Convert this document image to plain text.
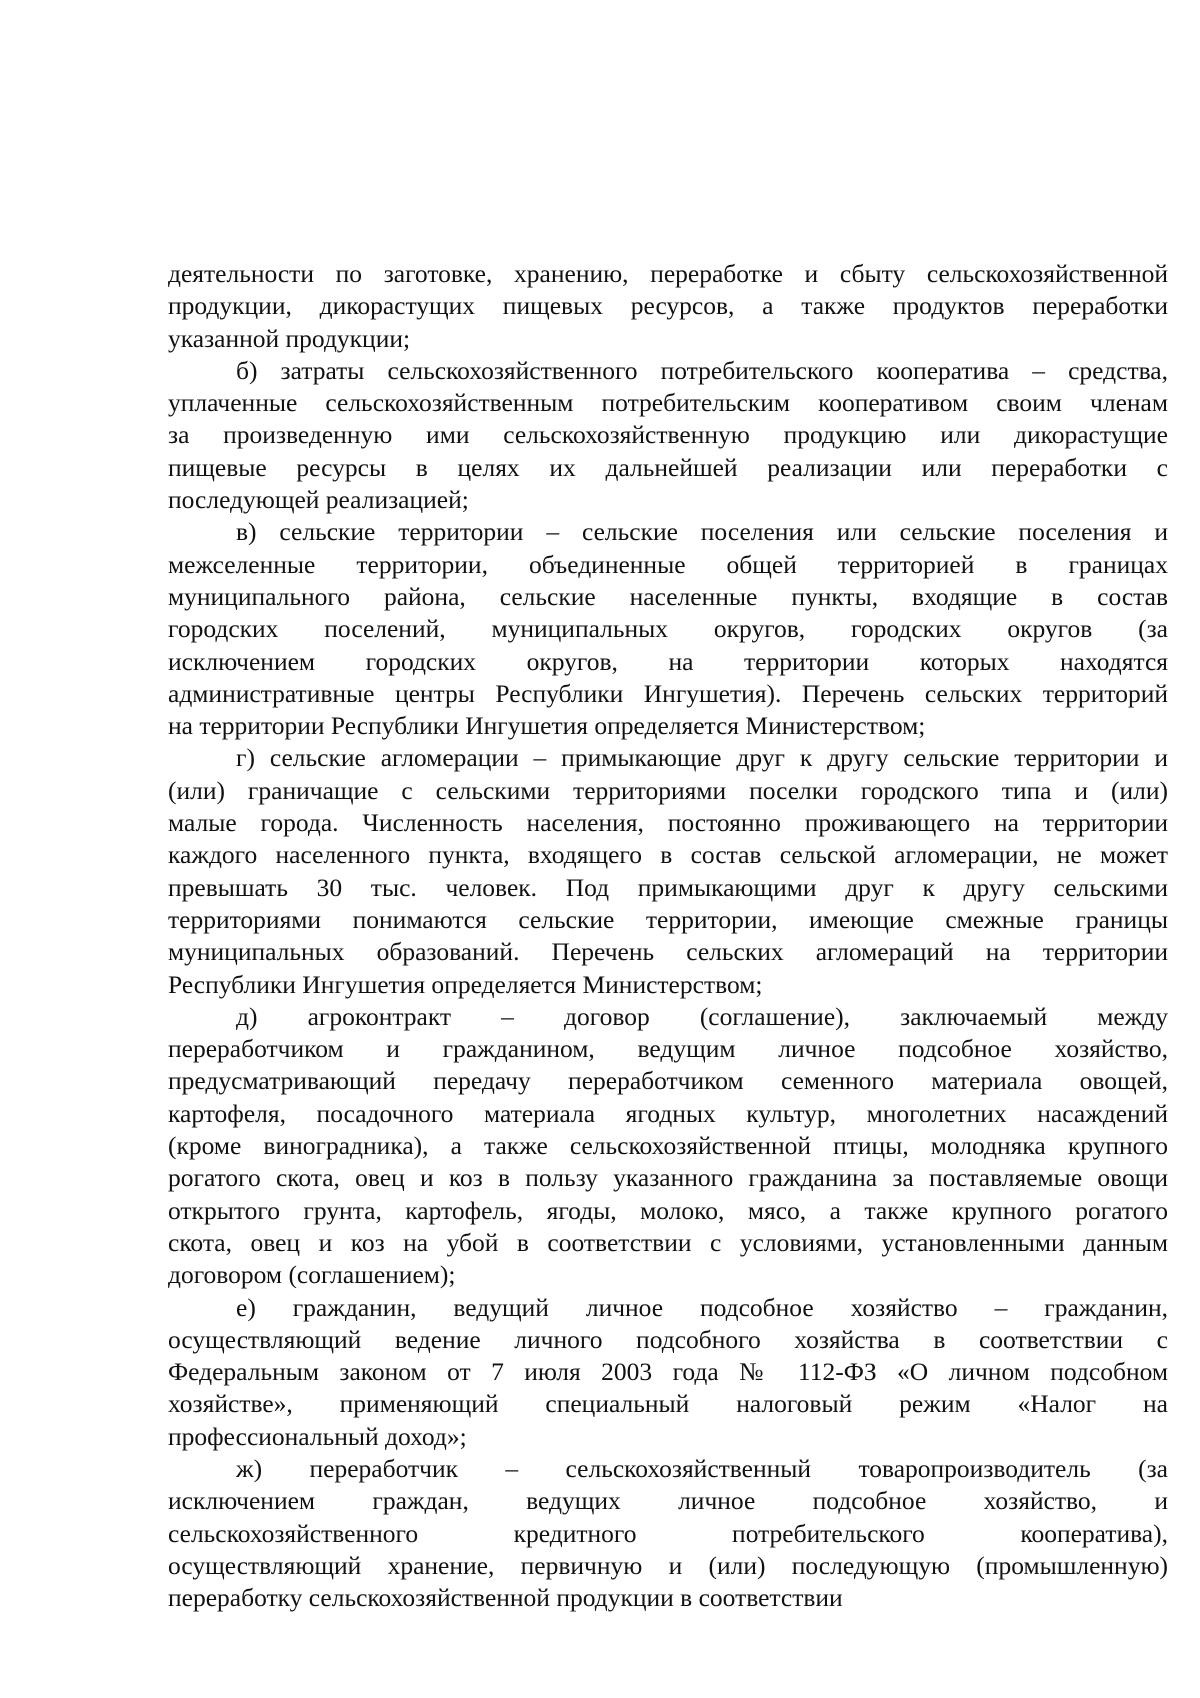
деятельности по заготовке, хранению, переработке и сбыту сельскохозяйственной
продукции, дикорастущих пищевых ресурсов, а также продуктов переработки
указанной продукции;
б) затраты сельскохозяйственного потребительского кооператива – средства,
уплаченные сельскохозяйственным потребительским кооперативом своим членам
за произведенную ими сельскохозяйственную продукцию или дикорастущие
пищевые ресурсы в целях их дальнейшей реализации или переработки с
последующей реализацией;
в) сельские территории – сельские поселения или сельские поселения и
межселенные территории, объединенные общей территорией в границах
муниципального района, сельские населенные пункты, входящие в состав
городских поселений, муниципальных округов, городских округов (за
исключением городских округов, на территории которых находятся
административные центры Республики Ингушетия). Перечень сельских территорий
на территории Республики Ингушетия определяется Министерством;
г) сельские агломерации – примыкающие друг к другу сельские территории и
(или) граничащие с сельскими территориями поселки городского типа и (или)
малые города. Численность населения, постоянно проживающего на территории
каждого населенного пункта, входящего в состав сельской агломерации, не может
превышать 30 тыс. человек. Под примыкающими друг к другу сельскими
территориями понимаются сельские территории, имеющие смежные границы
муниципальных образований. Перечень сельских агломераций на территории
Республики Ингушетия определяется Министерством;
д) агроконтракт – договор (соглашение), заключаемый между
переработчиком и гражданином, ведущим личное подсобное хозяйство,
предусматривающий передачу переработчиком семенного материала овощей,
картофеля, посадочного материала ягодных культур, многолетних насаждений
(кроме виноградника), а также сельскохозяйственной птицы, молодняка крупного
рогатого скота, овец и коз в пользу указанного гражданина за поставляемые овощи
открытого грунта, картофель, ягоды, молоко, мясо, а также крупного рогатого
скота, овец и коз на убой в соответствии с условиями, установленными данным
договором (соглашением);
е) гражданин, ведущий личное подсобное хозяйство – гражданин,
осуществляющий ведение личного подсобного хозяйства в соответствии с
Федеральным законом от 7 июля 2003 года № 112-ФЗ «О личном подсобном
хозяйстве», применяющий специальный налоговый режим «Налог на
профессиональный доход»;
ж) переработчик – сельскохозяйственный товаропроизводитель (за
исключением граждан, ведущих личное подсобное хозяйство, и
сельскохозяйственного кредитного потребительского кооператива),
осуществляющий хранение, первичную и (или) последующую (промышленную)
переработку сельскохозяйственной продукции в соответствии
